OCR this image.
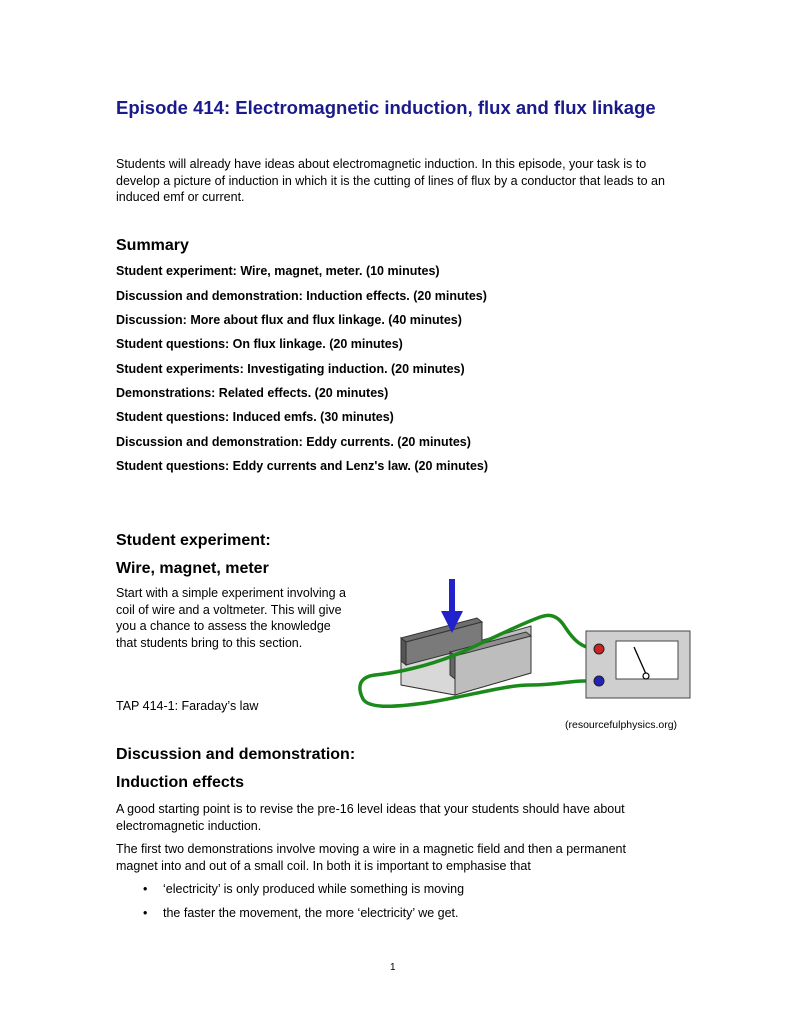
Episode 414: Electromagnetic induction, flux and flux linkage

Students will already have ideas about electromagnetic induction. In this episode, your task is to develop a picture of induction in which it is the cutting of lines of flux by a conductor that leads to an induced emf or current.

Summary

Student experiment: Wire, magnet, meter. (10 minutes)

Discussion and demonstration: Induction effects. (20 minutes)

Discussion: More about flux and flux linkage. (40 minutes)

Student questions: On flux linkage. (20 minutes)

Student experiments: Investigating induction. (20 minutes)

Demonstrations: Related effects. (20 minutes)

Student questions: Induced emfs. (30 minutes)

Discussion and demonstration: Eddy currents. (20 minutes)

Student questions: Eddy currents and Lenz's law. (20 minutes)

Student experiment:
Wire, magnet, meter

Start with a simple experiment involving a coil of wire and a voltmeter. This will give you a chance to assess the knowledge that students bring to this section.

TAP 414-1: Faraday’s law

(resourcefulphysics.org)
Discussion and demonstration:
Induction effects

A good starting point is to revise the pre-16 level ideas that your students should have about electromagnetic induction.

The first two demonstrations involve moving a wire in a magnetic field and then a permanent magnet into and out of a small coil. In both it is important to emphasise that

• ‘electricity’ is only produced while something is moving
• the faster the movement, the more ‘electricity’ we get.
1
